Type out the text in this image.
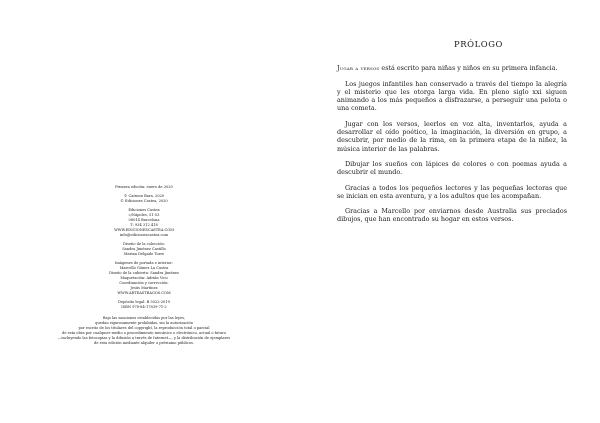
Primera edición: enero de 2020
© Carmen Bara, 2020
© Ediciones Castea, 2020
Ediciones Castea
c/Nápoles, 51-53
08014 Barcelona
T: 934 312 418
WWW.EDICIONESCASTEA.COM
info@edicionescastea.com
Diseño de la colección:
Sandra Jiménez Castillo
Marina Delgado Torre
Imágenes de portada e interior:
Marcello Gómez La Castra
Diseño de la cubierta: Sandra Jiménez
Maquetación: Adrián Vico
Coordinación y corrección:
Jesús Martínez
WWW.ARTEASTRAGOS.COM
Depósito legal: B 5022-2019
ISBN 978-84-17839-71-2
Bajo las sanciones establecidas por las leyes,
quedan rigurosamente prohibidas, sin la autorización
por escrito de los titulares del copyright, la reproducción total o parcial
de esta obra por cualquier medio o procedimiento mecánico o electrónico, actual o futuro
—incluyendo las fotocopias y la difusión a través de Internet—, y la distribución de ejemplares
de esta edición mediante alquiler o préstamo públicos.
PRÓLOGO

Jugar a versos está escrito para niñas y niños en su primera infancia.

Los juegos infantiles han conservado a través del tiempo la alegría y el misterio que les otorga larga vida. En pleno siglo xxi siguen animando a los más pequeños a disfrazarse, a perseguir una pelota o una cometa.

Jugar con los versos, leerlos en voz alta, inventarlos, ayuda a desarrollar el oído poético, la imaginación, la diversión en grupo, a descubrir, por medio de la rima, en la primera etapa de la niñez, la música interior de las palabras.

Dibujar los sueños con lápices de colores o con poemas ayuda a descubrir el mundo.

Gracias a todos los pequeños lectores y las pequeñas lectoras que se inician en esta aventura, y a los adultos que les acompañan.

Gracias a Marcello por enviarnos desde Australia sus preciados dibujos, que han encontrado su hogar en estos versos.
